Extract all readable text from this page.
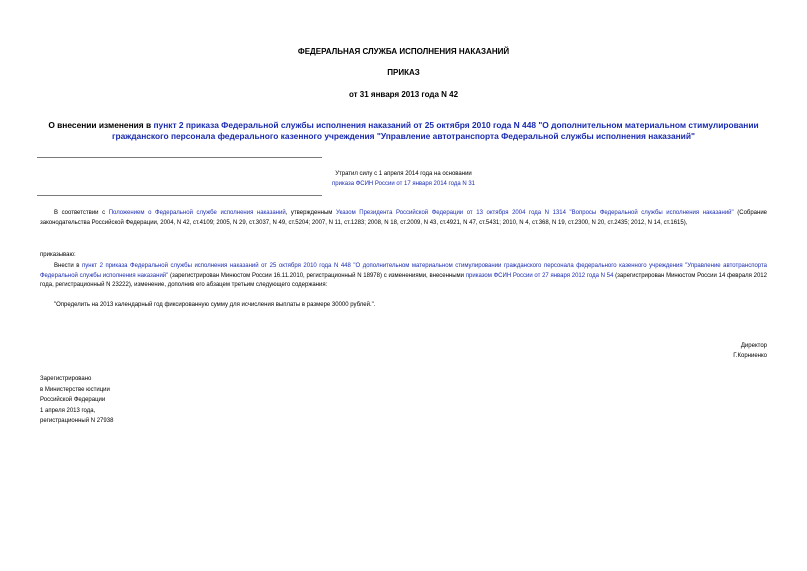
ФЕДЕРАЛЬНАЯ СЛУЖБА ИСПОЛНЕНИЯ НАКАЗАНИЙ
ПРИКАЗ
от 31 января 2013 года N 42
О внесении изменения в пункт 2 приказа Федеральной службы исполнения наказаний от 25 октября 2010 года N 448 "О дополнительном материальном стимулировании гражданского персонала федерального казенного учреждения "Управление автотранспорта Федеральной службы исполнения наказаний"
Утратил силу с 1 апреля 2014 года на основании
приказа ФСИН России от 17 января 2014 года N 31
В соответствии с Положением о Федеральной службе исполнения наказаний, утвержденным Указом Президента Российской Федерации от 13 октября 2004 года N 1314 "Вопросы Федеральной службы исполнения наказаний" (Собрание законодательства Российской Федерации, 2004, N 42, ст.4109; 2005, N 29, ст.3037, N 49, ст.5204; 2007, N 11, ст.1283; 2008, N 18, ст.2009, N 43, ст.4921, N 47, ст.5431; 2010, N 4, ст.368, N 19, ст.2300, N 20, ст.2435; 2012, N 14, ст.1615),
приказываю:
Внести в пункт 2 приказа Федеральной службы исполнения наказаний от 25 октября 2010 года N 448 "О дополнительном материальном стимулировании гражданского персонала федерального казенного учреждения "Управление автотранспорта Федеральной службы исполнения наказаний" (зарегистрирован Минюстом России 16.11.2010, регистрационный N 18978) с изменениями, внесенными приказом ФСИН России от 27 января 2012 года N 54 (зарегистрирован Минюстом России 14 февраля 2012 года, регистрационный N 23222), изменение, дополнив его абзацем третьим следующего содержания:
"Определить на 2013 календарный год фиксированную сумму для исчисления выплаты в размере 30000 рублей.".
Директор
Г.Корниенко
Зарегистрировано
в Министерстве юстиции
Российской Федерации
1 апреля 2013 года,
регистрационный N 27938
